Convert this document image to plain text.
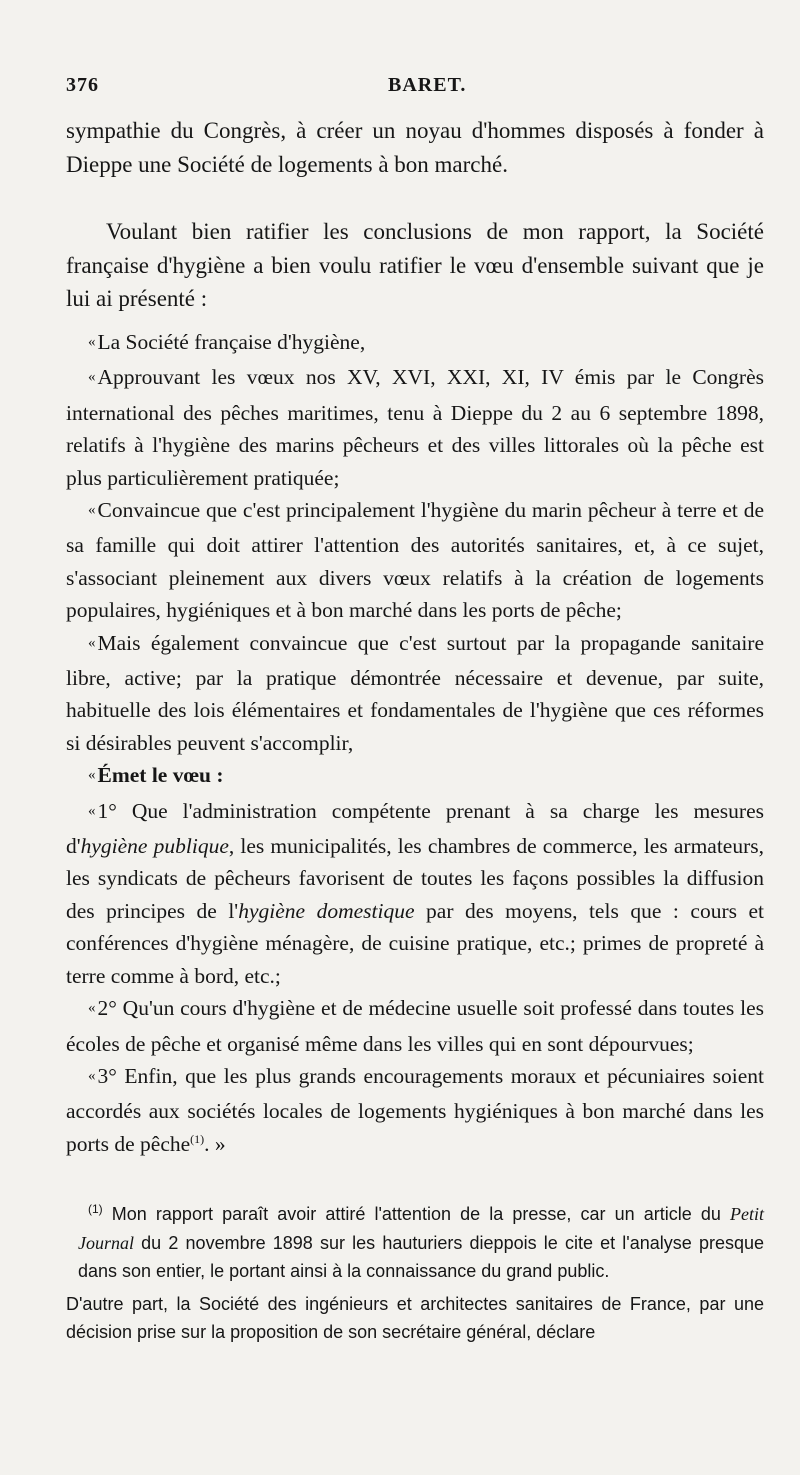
376	BARET.

sympathie du Congrès, à créer un noyau d'hommes disposés à fonder à Dieppe une Société de logements à bon marché.

Voulant bien ratifier les conclusions de mon rapport, la Société française d'hygiène a bien voulu ratifier le vœu d'ensemble suivant que je lui ai présenté :

«La Société française d'hygiène,

«Approuvant les vœux nos XV, XVI, XXI, XI, IV émis par le Congrès international des pêches maritimes, tenu à Dieppe du 2 au 6 septembre 1898, relatifs à l'hygiène des marins pêcheurs et des villes littorales où la pêche est plus particulièrement pratiquée;

«Convaincue que c'est principalement l'hygiène du marin pêcheur à terre et de sa famille qui doit attirer l'attention des autorités sanitaires, et, à ce sujet, s'associant pleinement aux divers vœux relatifs à la création de logements populaires, hygiéniques et à bon marché dans les ports de pêche;

«Mais également convaincue que c'est surtout par la propagande sanitaire libre, active; par la pratique démontrée nécessaire et devenue, par suite, habituelle des lois élémentaires et fondamentales de l'hygiène que ces réformes si désirables peuvent s'accomplir,

«Émet le vœu :

«1° Que l'administration compétente prenant à sa charge les mesures d'hygiène publique, les municipalités, les chambres de commerce, les armateurs, les syndicats de pêcheurs favorisent de toutes les façons possibles la diffusion des principes de l'hygiène domestique par des moyens, tels que : cours et conférences d'hygiène ménagère, de cuisine pratique, etc.; primes de propreté à terre comme à bord, etc.;

«2° Qu'un cours d'hygiène et de médecine usuelle soit professé dans toutes les écoles de pêche et organisé même dans les villes qui en sont dépourvues;

«3° Enfin, que les plus grands encouragements moraux et pécuniaires soient accordés aux sociétés locales de logements hygiéniques à bon marché dans les ports de pêche$^{(1)}$. »

$^{(1)}$ Mon rapport paraît avoir attiré l'attention de la presse, car un article du Petit Journal du 2 novembre 1898 sur les hauturiers dieppois le cite et l'analyse presque dans son entier, le portant ainsi à la connaissance du grand public.

D'autre part, la Société des ingénieurs et architectes sanitaires de France, par une décision prise sur la proposition de son secrétaire général, déclare
